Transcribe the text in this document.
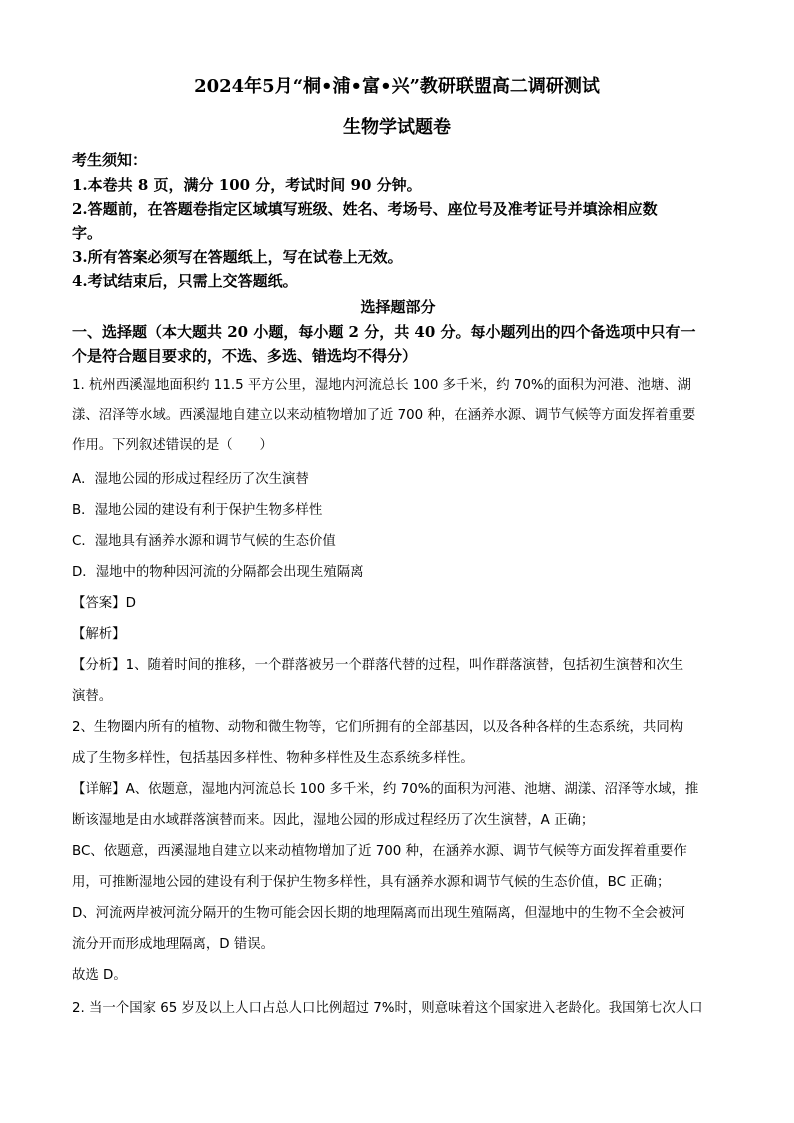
2024年5月“桐•浦•富•兴”教研联盟高二调研测试
生物学试题卷
考生须知：
1.本卷共 8 页，满分 100 分，考试时间 90 分钟。
2.答题前，在答题卷指定区域填写班级、姓名、考场号、座位号及准考证号并填涂相应数
字。
3.所有答案必须写在答题纸上，写在试卷上无效。
4.考试结束后，只需上交答题纸。
选择题部分
一、选择题（本大题共 20 小题，每小题 2 分，共 40 分。每小题列出的四个备选项中只有一
个是符合题目要求的，不选、多选、错选均不得分）
1. 杭州西溪湿地面积约 11.5 平方公里，湿地内河流总长 100 多千米，约 70%的面积为河港、池塘、湖
漾、沼泽等水域。西溪湿地自建立以来动植物增加了近 700 种，在涵养水源、调节气候等方面发挥着重要
作用。下列叙述错误的是（　　）
A．湿地公园的形成过程经历了次生演替
B．湿地公园的建设有利于保护生物多样性
C．湿地具有涵养水源和调节气候的生态价值
D．湿地中的物种因河流的分隔都会出现生殖隔离
【答案】D
【解析】
【分析】1、随着时间的推移，一个群落被另一个群落代替的过程，叫作群落演替，包括初生演替和次生
演替。
2、生物圈内所有的植物、动物和微生物等，它们所拥有的全部基因，以及各种各样的生态系统，共同构
成了生物多样性，包括基因多样性、物种多样性及生态系统多样性。
【详解】A、依题意，湿地内河流总长 100 多千米，约 70%的面积为河港、池塘、湖漾、沼泽等水域，推
断该湿地是由水域群落演替而来。因此，湿地公园的形成过程经历了次生演替，A 正确；
BC、依题意，西溪湿地自建立以来动植物增加了近 700 种，在涵养水源、调节气候等方面发挥着重要作
用，可推断湿地公园的建设有利于保护生物多样性，具有涵养水源和调节气候的生态价值，BC 正确；
D、河流两岸被河流分隔开的生物可能会因长期的地理隔离而出现生殖隔离，但湿地中的生物不全会被河
流分开而形成地理隔离，D 错误。
故选 D。
2. 当一个国家 65 岁及以上人口占总人口比例超过 7%时，则意味着这个国家进入老龄化。我国第七次人口
